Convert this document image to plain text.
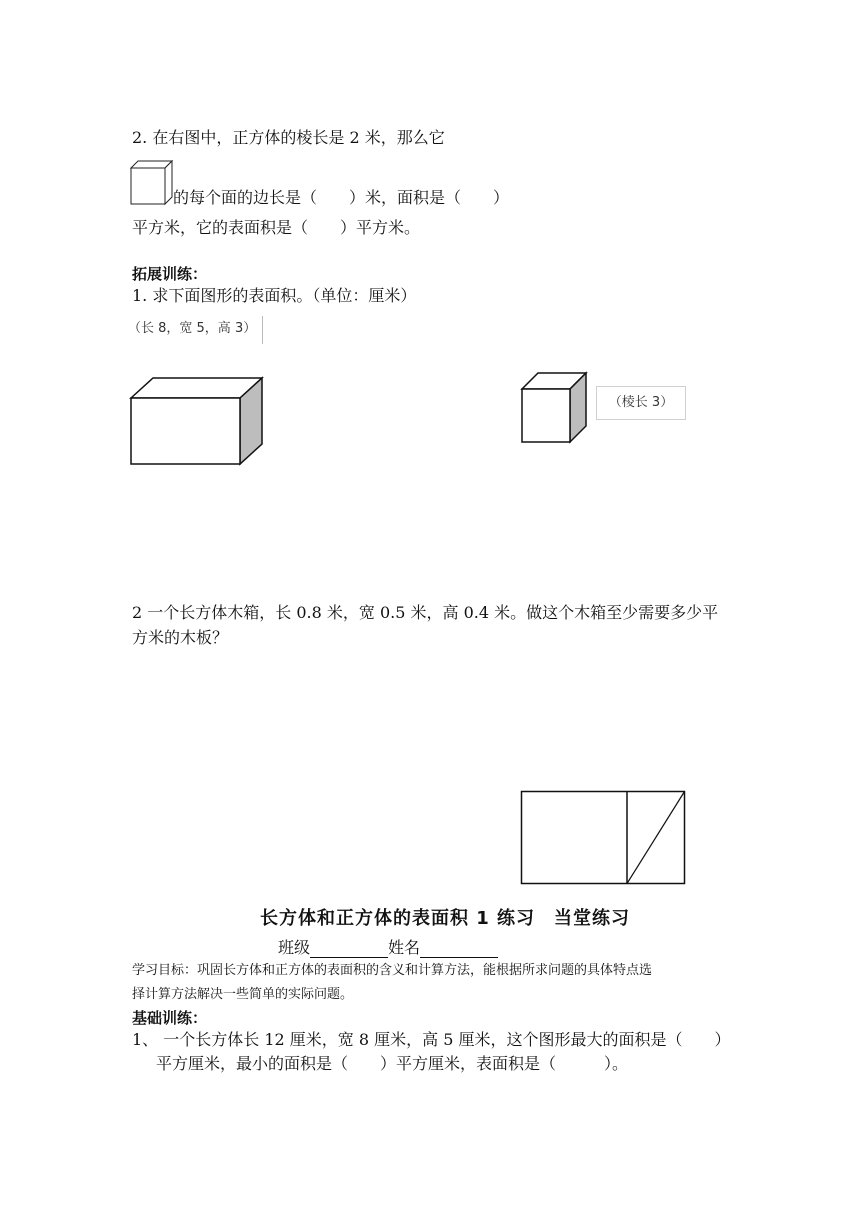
2. 在右图中，正方体的棱长是 2 米，那么它
的每个面的边长是（　　）米，面积是（　　）
平方米，它的表面积是（　　）平方米。
拓展训练：
1. 求下面图形的表面积。（单位：厘米）
（长 8，宽 5，高 3）
（棱长 3）
2 一个长方体木箱，长 0.8 米，宽 0.5 米，高 0.4 米。做这个木箱至少需要多少平
方米的木板？
长方体和正方体的表面积 1 练习　当堂练习
班级	姓名
学习目标：巩固长方体和正方体的表面积的含义和计算方法，能根据所求问题的具体特点选
择计算方法解决一些简单的实际问题。
基础训练：
1、 一个长方体长 12 厘米，宽 8 厘米，高 5 厘米，这个图形最大的面积是（　　）
平方厘米，最小的面积是（　　）平方厘米，表面积是（　　　）。
